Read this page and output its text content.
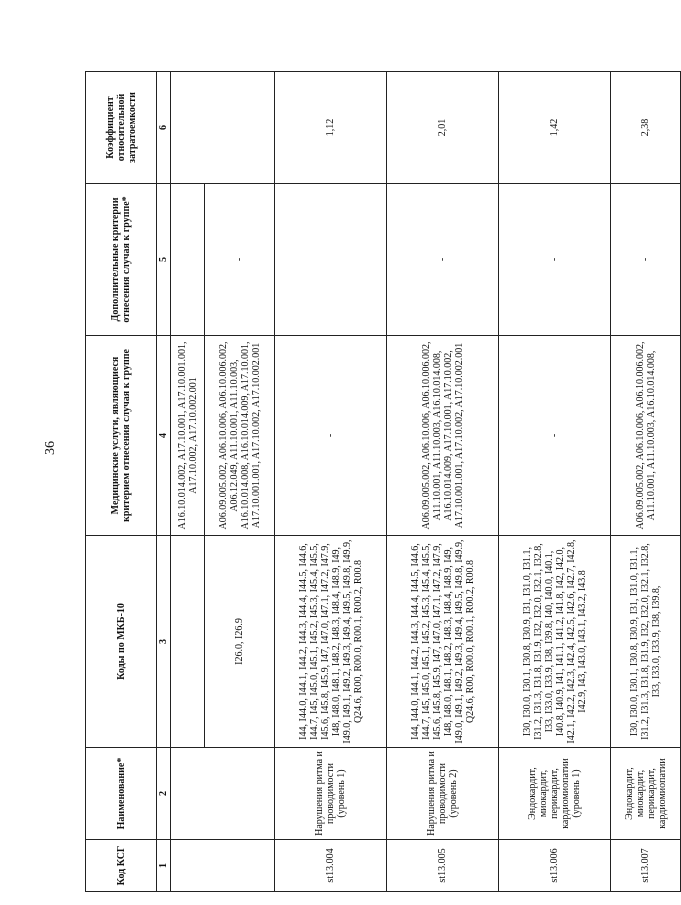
36
Код КСГ	Наименование*	Коды по МКБ-10	Медицинские услуги, являющиеся критерием отнесения случая к группе	Дополнительные критерии отнесения случая к группе*	Коэффициент относительной затратоемкости
1	2	3	4	5	6
			A16.10.014.002, A17.10.001, A17.10.001.001, A17.10.002, A17.10.002.001		
		I26.0, I26.9	A06.09.005.002, A06.10.006, A06.10.006.002, A06.12.049, A11.10.001, A11.10.003, A16.10.014.008, A16.10.014.009, A17.10.001, A17.10.001.001, A17.10.002, A17.10.002.001	-	
st13.004	Нарушения ритма и проводимости (уровень 1)	I44, I44.0, I44.1, I44.2, I44.3, I44.4, I44.5, I44.6, I44.7, I45, I45.0, I45.1, I45.2, I45.3, I45.4, I45.5, I45.6, I45.8, I45.9, I47, I47.0, I47.1, I47.2, I47.9, I48, I48.0, I48.1, I48.2, I48.3, I48.4, I48.9, I49, I49.0, I49.1, I49.2, I49.3, I49.4, I49.5, I49.8, I49.9, Q24.6, R00, R00.0, R00.1, R00.2, R00.8	-		1,12
st13.005	Нарушения ритма и проводимости (уровень 2)	I44, I44.0, I44.1, I44.2, I44.3, I44.4, I44.5, I44.6, I44.7, I45, I45.0, I45.1, I45.2, I45.3, I45.4, I45.5, I45.6, I45.8, I45.9, I47, I47.0, I47.1, I47.2, I47.9, I48, I48.0, I48.1, I48.2, I48.3, I48.4, I48.9, I49, I49.0, I49.1, I49.2, I49.3, I49.4, I49.5, I49.8, I49.9, Q24.6, R00, R00.0, R00.1, R00.2, R00.8	A06.09.005.002, A06.10.006, A06.10.006.002, A11.10.001, A11.10.003, A16.10.014.008, A16.10.014.009, A17.10.001, A17.10.002, A17.10.001.001, A17.10.002, A17.10.002.001	-	2,01
st13.006	Эндокардит, миокардит, перикардит, кардиомиопатии (уровень 1)	I30, I30.0, I30.1, I30.8, I30.9, I31, I31.0, I31.1, I31.2, I31.3, I31.8, I31.9, I32, I32.0, I32.1, I32.8, I33, I33.0, I33.9, I38, I39.8, I40, I40.0, I40.1, I40.8, I40.9, I41, I41.1, I41.2, I41.8, I42, I42.0, I42.1, I42.2, I42.3, I42.4, I42.5, I42.6, I42.7, I42.8, I42.9, I43, I43.0, I43.1, I43.2, I43.8	-	-	1,42
st13.007	Эндокардит, миокардит, перикардит, кардиомиопатии	I30, I30.0, I30.1, I30.8, I30.9, I31, I31.0, I31.1, I31.2, I31.3, I31.8, I31.9, I32, I32.0, I32.1, I32.8, I33, I33.0, I33.9, I38, I39.8,	A06.09.005.002, A06.10.006, A06.10.006.002, A11.10.001, A11.10.003, A16.10.014.008,	-	2,38
